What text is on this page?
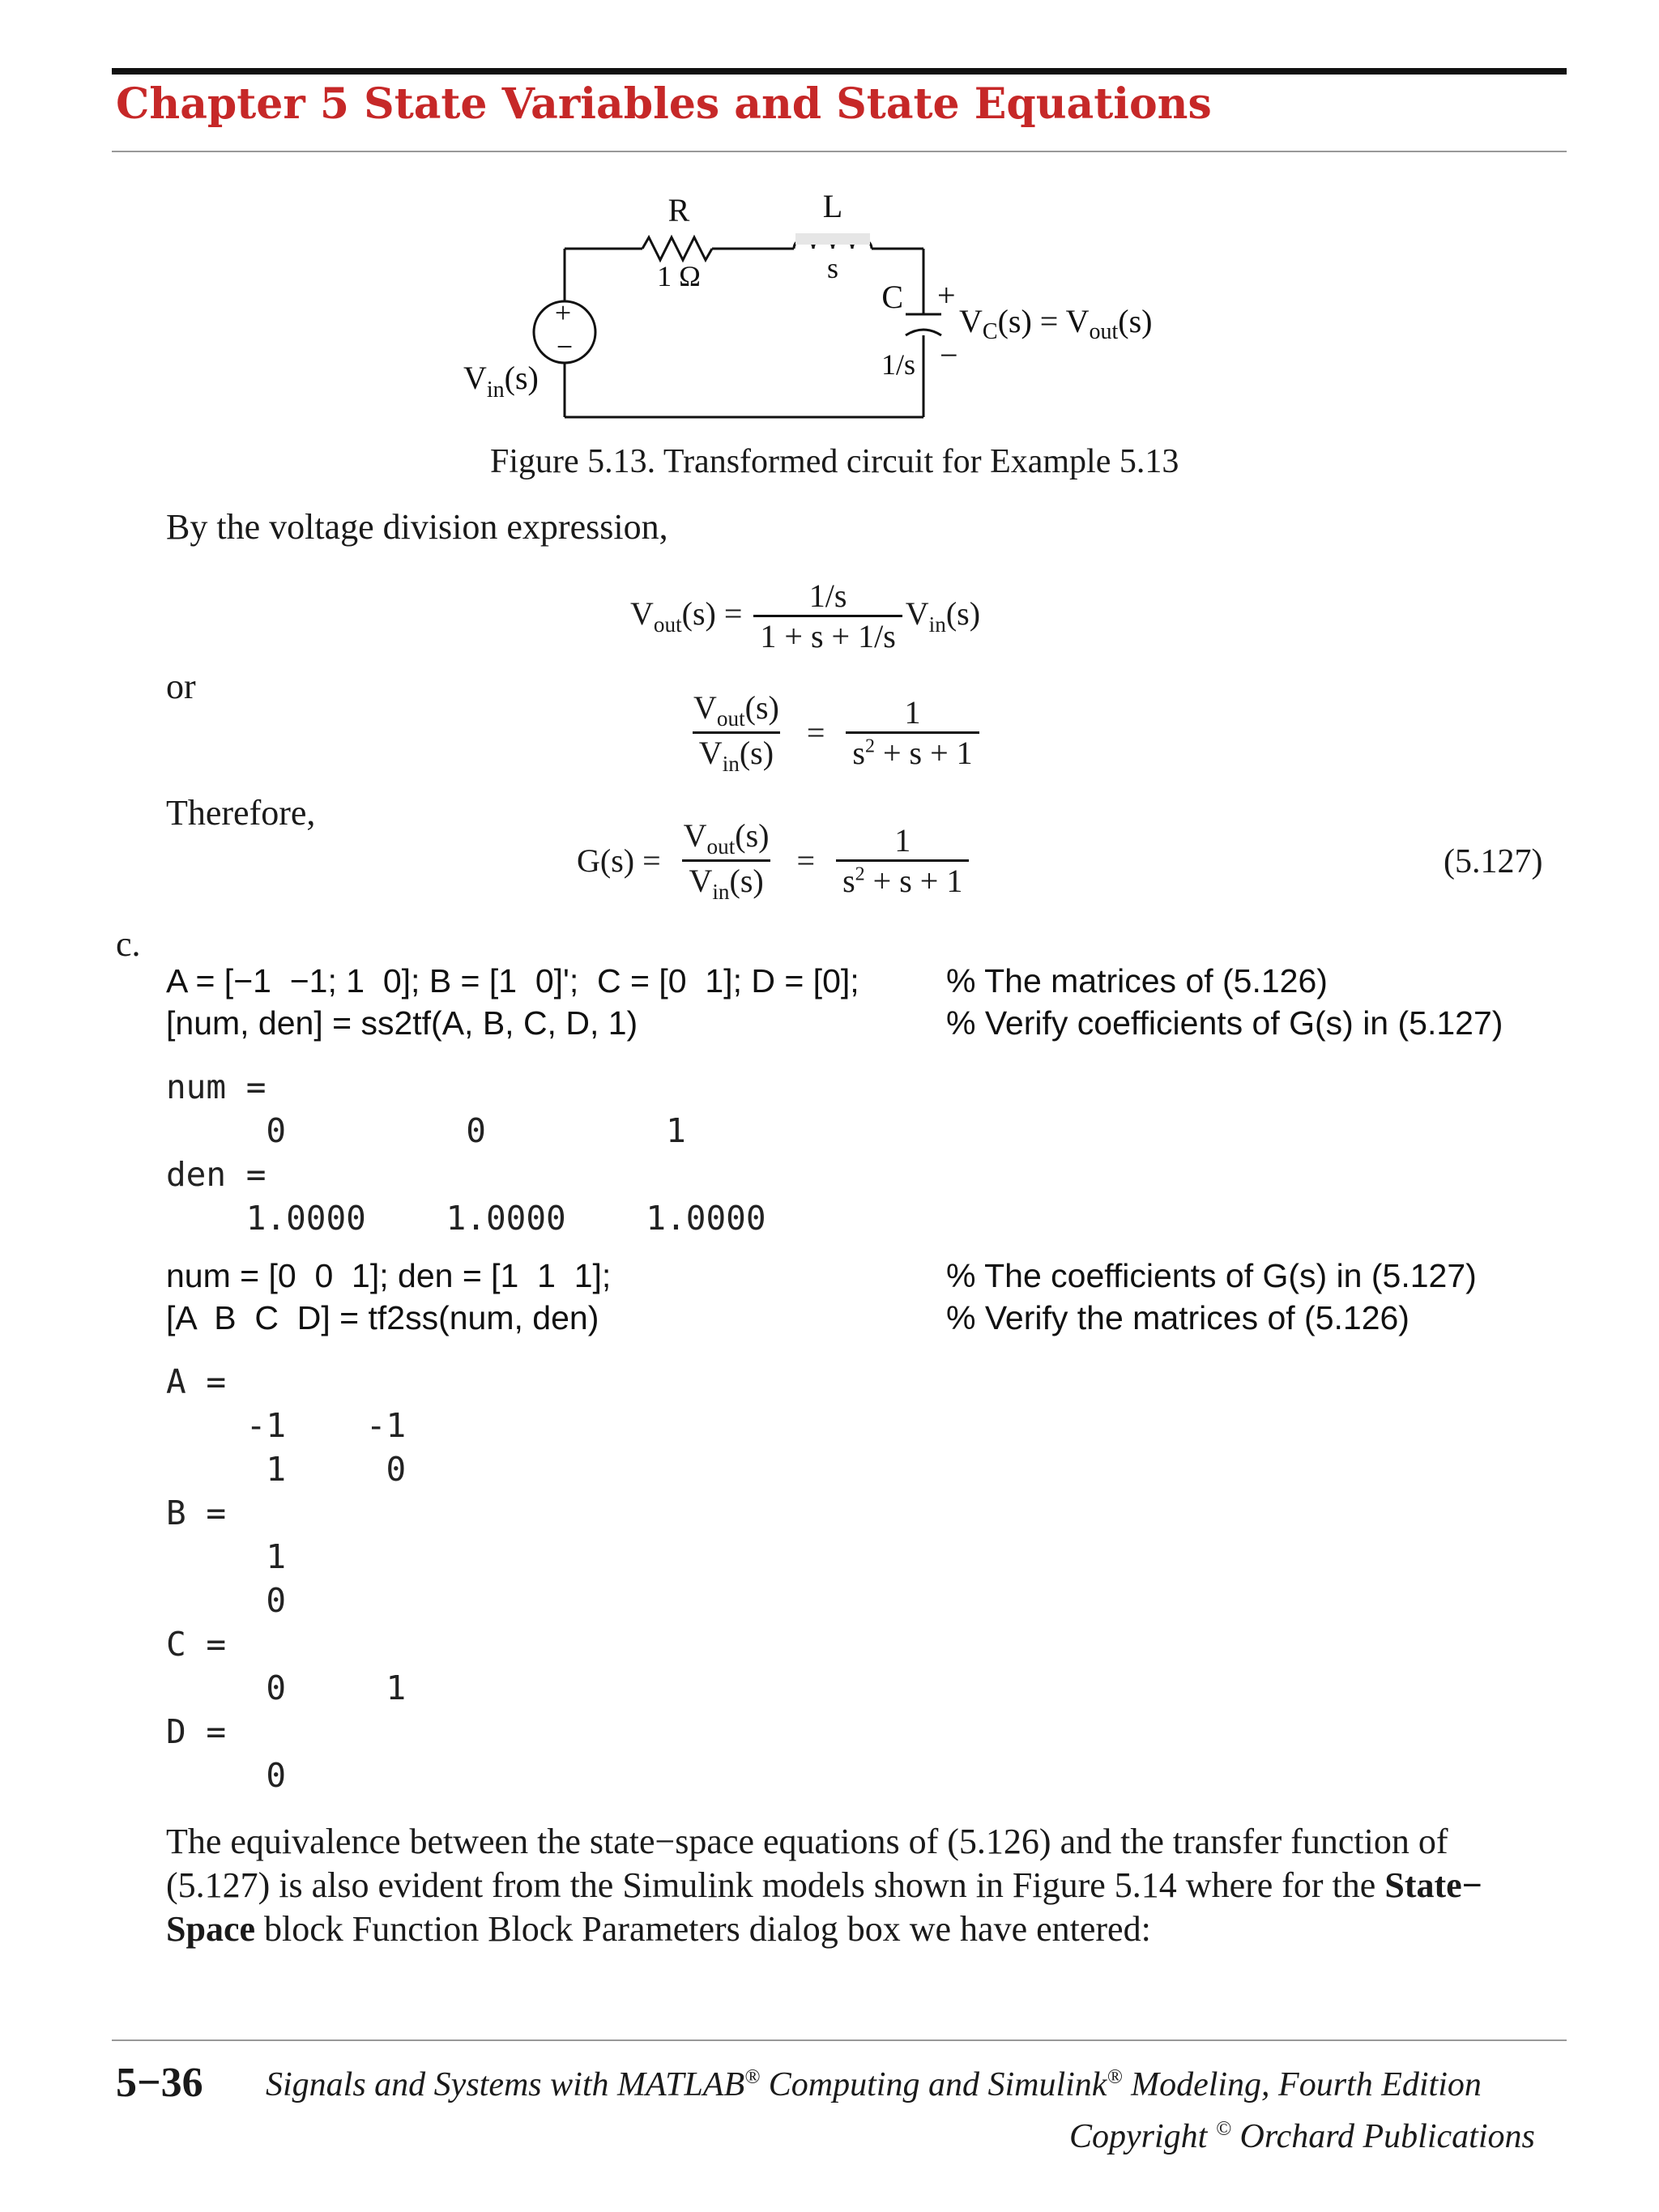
Chapter 5 State Variables and State Equations
+
−
R
1 Ω
L
s
C
1/s
+
−
$V_C(s) = V_{out}(s)$
$V_{in}(s)$
Figure 5.13. Transformed circuit for Example 5.13
By the voltage division expression,
$V_{out}(s) = \frac{1/s}{1 + s + 1/s} V_{in}(s)$
or
$\frac{V_{out}(s)}{V_{in}(s)} = \frac{1}{s^2 + s + 1}$
Therefore,
$G(s) = \frac{V_{out}(s)}{V_{in}(s)} = \frac{1}{s^2 + s + 1}$	(5.127)
c.
A = [−1  −1; 1  0]; B = [1  0]';  C = [0  1]; D = [0];
[num, den] = ss2tf(A, B, C, D, 1)
% The matrices of (5.126)
% Verify coefficients of G(s) in (5.127)
num =
0         0         1
den =
1.0000    1.0000    1.0000
num = [0  0  1]; den = [1  1  1];
[A  B  C  D] = tf2ss(num, den)
% The coefficients of G(s) in (5.127)
% Verify the matrices of (5.126)
A =
-1    -1
1     0
B =
1
0
C =
0     1
D =
0
The equivalence between the state−space equations of (5.126) and the transfer function of
(5.127) is also evident from the Simulink models shown in Figure 5.14 where for the State−
Space block Function Block Parameters dialog box we have entered:
5−36 Signals and Systems with MATLAB® Computing and Simulink® Modeling, Fourth Edition
Copyright © Orchard Publications
